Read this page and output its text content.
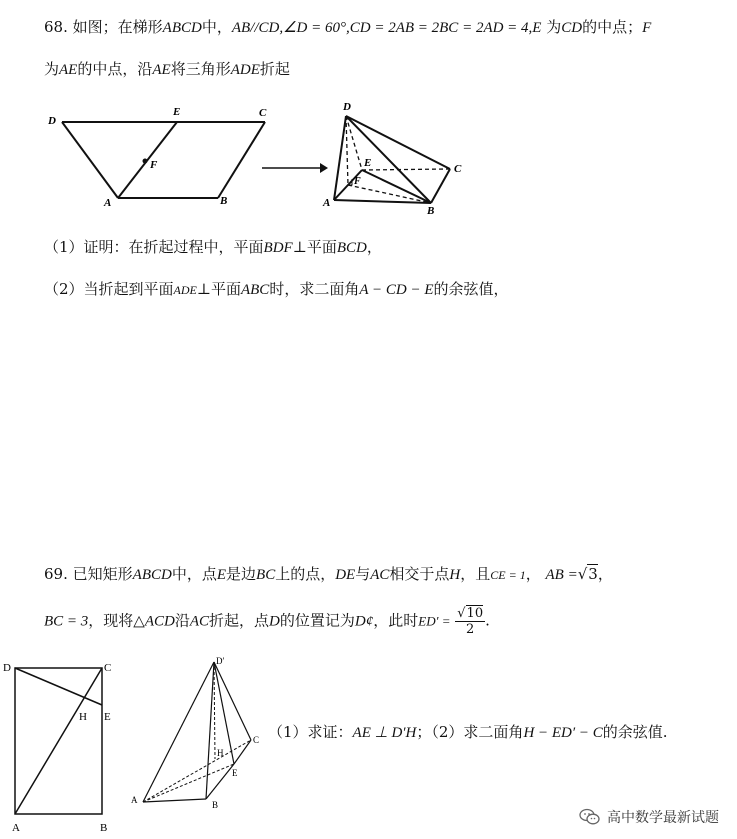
68. 如图；在梯形ABCD中，AB//CD,∠D = 60°,CD = 2AB = 2BC = 2AD = 4,E 为CD的中点；F
为AE的中点，沿AE将三角形ADE折起
D
E	C
F
A	B
D
E
F
C
A
B
（1）证明：在折起过程中，平面BDF⊥平面BCD，
（2）当折起到平面ADE⊥平面ABC时，求二面角A − CD − E的余弦值，
69. 已知矩形ABCD中，点E是边BC上的点，DE与AC相交于点H，且CE = 1， AB =√3，
BC = 3，现将△ACD沿AC折起，点D的位置记为D¢，此时$ED' = \frac{√10}{2}$ .
D	C
H E
A	B
D′
H
C
E
A	B
（1）求证：AE ⊥ D′H；（2）求二面角H − ED′ − C的余弦值.
高中数学最新试题
